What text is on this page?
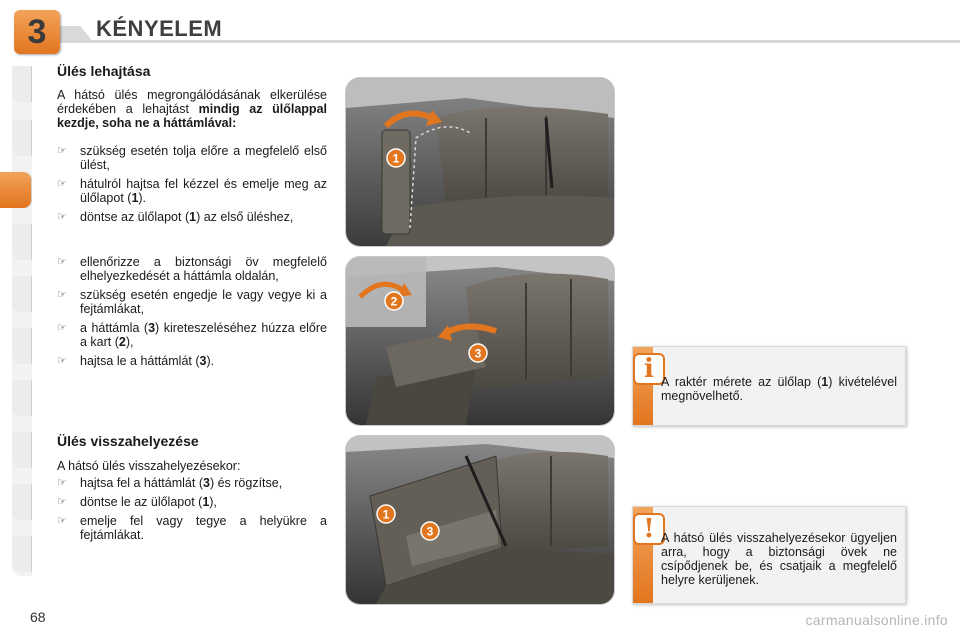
3	KÉNYELEM
Ülés lehajtása
A hátsó ülés megrongálódásának elkerülése érdekében a lehajtást mindig az ülőlappal kezdje, soha ne a háttámlával:
☞ szükség esetén tolja előre a megfelelő első ülést,
☞ hátulról hajtsa fel kézzel és emelje meg az ülőlapot (1).
☞ döntse az ülőlapot (1) az első üléshez,
☞ ellenőrizze a biztonsági öv megfelelő elhelyezkedését a háttámla oldalán,
☞ szükség esetén engedje le vagy vegye ki a fejtámlákat,
☞ a háttámla (3) kireteszeléséhez húzza előre a kart (2),
☞ hajtsa le a háttámlát (3).
Ülés visszahelyezése
A hátsó ülés visszahelyezésekor:
☞ hajtsa fel a háttámlát (3) és rögzítse,
☞ döntse le az ülőlapot (1),
☞ emelje fel vagy tegye a helyükre a fejtámlákat.
1
2
3
1
3
i A raktér mérete az ülőlap (1) kivételével megnövelhető.
! A hátsó ülés visszahelyezésekor ügyeljen arra, hogy a biztonsági övek ne csípődjenek be, és csatjaik a megfelelő helyre kerüljenek.
68	carmanualsonline.info
